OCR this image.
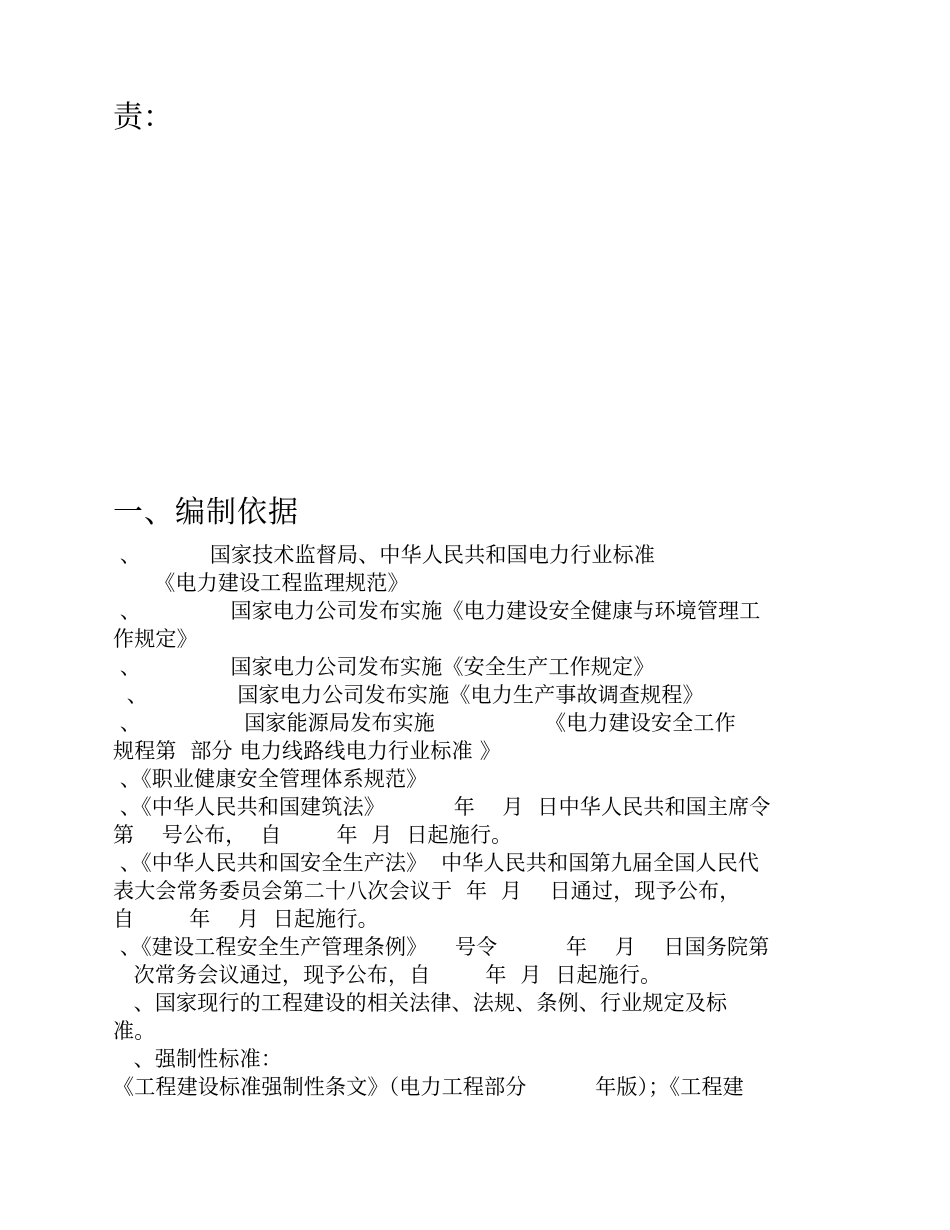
责：
一、编制依据
、          国家技术监督局、中华人民共和国电力行业标准
《电力建设工程监理规范》
、             国家电力公司发布实施《电力建设安全健康与环境管理工
作规定》
、             国家电力公司发布实施《安全生产工作规定》
、             国家电力公司发布实施《电力生产事故调查规程》
、               国家能源局发布实施                《电力建设安全工作
规程第  部分 电力线路线电力行业标准 》
、《职业健康安全管理体系规范》
、《中华人民共和国建筑法》          年    月  日中华人民共和国主席令
第    号公布，  自        年  月  日起施行。
、《中华人民共和国安全生产法》  中华人民共和国第九届全国人民代
表大会常务委员会第二十八次会议于  年  月    日通过，现予公布，
自        年    月  日起施行。
、《建设工程安全生产管理条例》    号令          年    月    日国务院第
次常务会议通过，现予公布，自        年  月  日起施行。
、国家现行的工程建设的相关法律、法规、条例、行业规定及标
准。
、强制性标准：
《工程建设标准强制性条文》（电力工程部分          年版）；《工程建
